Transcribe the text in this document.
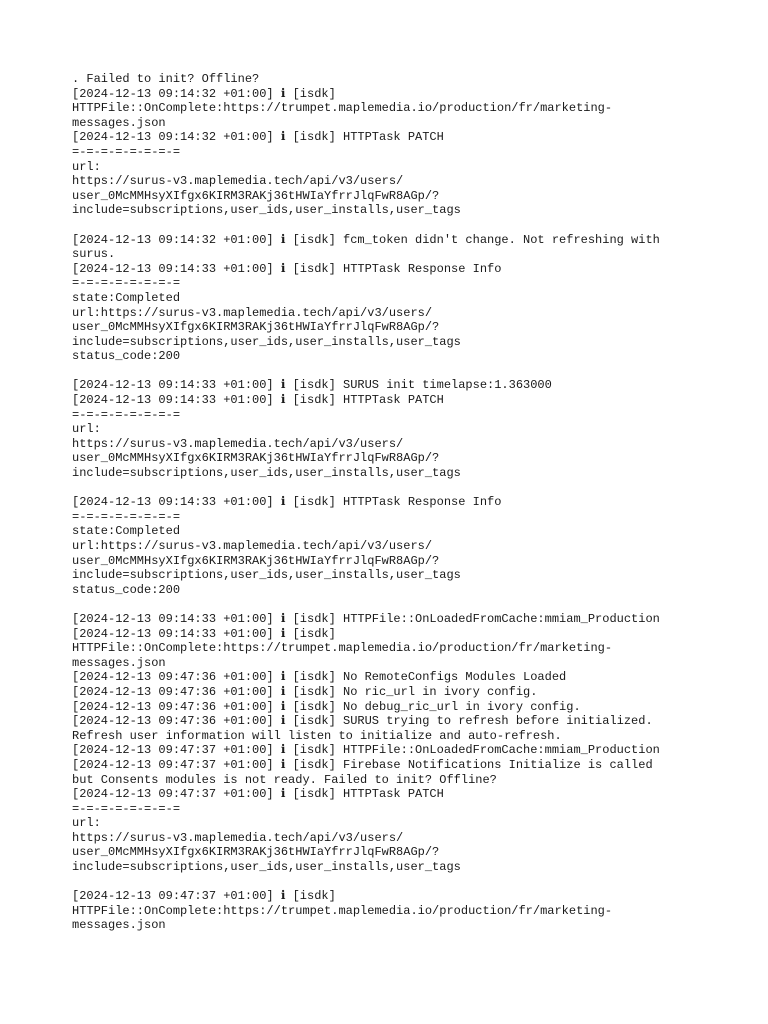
. Failed to init? Offline?
[2024-12-13 09:14:32 +01:00] ℹ [isdk]
HTTPFile::OnComplete:https://trumpet.maplemedia.io/production/fr/marketing-
messages.json
[2024-12-13 09:14:32 +01:00] ℹ [isdk] HTTPTask PATCH
=-=-=-=-=-=-=-=
url:
https://surus-v3.maplemedia.tech/api/v3/users/
user_0McMMHsyXIfgx6KIRM3RAKj36tHWIaYfrrJlqFwR8AGp/?
include=subscriptions,user_ids,user_installs,user_tags
[2024-12-13 09:14:32 +01:00] ℹ [isdk] fcm_token didn't change. Not refreshing with
surus.
[2024-12-13 09:14:33 +01:00] ℹ [isdk] HTTPTask Response Info
=-=-=-=-=-=-=-=
state:Completed
url:https://surus-v3.maplemedia.tech/api/v3/users/
user_0McMMHsyXIfgx6KIRM3RAKj36tHWIaYfrrJlqFwR8AGp/?
include=subscriptions,user_ids,user_installs,user_tags
status_code:200
[2024-12-13 09:14:33 +01:00] ℹ [isdk] SURUS init timelapse:1.363000
[2024-12-13 09:14:33 +01:00] ℹ [isdk] HTTPTask PATCH
=-=-=-=-=-=-=-=
url:
https://surus-v3.maplemedia.tech/api/v3/users/
user_0McMMHsyXIfgx6KIRM3RAKj36tHWIaYfrrJlqFwR8AGp/?
include=subscriptions,user_ids,user_installs,user_tags
[2024-12-13 09:14:33 +01:00] ℹ [isdk] HTTPTask Response Info
=-=-=-=-=-=-=-=
state:Completed
url:https://surus-v3.maplemedia.tech/api/v3/users/
user_0McMMHsyXIfgx6KIRM3RAKj36tHWIaYfrrJlqFwR8AGp/?
include=subscriptions,user_ids,user_installs,user_tags
status_code:200
[2024-12-13 09:14:33 +01:00] ℹ [isdk] HTTPFile::OnLoadedFromCache:mmiam_Production
[2024-12-13 09:14:33 +01:00] ℹ [isdk]
HTTPFile::OnComplete:https://trumpet.maplemedia.io/production/fr/marketing-
messages.json
[2024-12-13 09:47:36 +01:00] ℹ [isdk] No RemoteConfigs Modules Loaded
[2024-12-13 09:47:36 +01:00] ℹ [isdk] No ric_url in ivory config.
[2024-12-13 09:47:36 +01:00] ℹ [isdk] No debug_ric_url in ivory config.
[2024-12-13 09:47:36 +01:00] ℹ [isdk] SURUS trying to refresh before initialized.
Refresh user information will listen to initialize and auto-refresh.
[2024-12-13 09:47:37 +01:00] ℹ [isdk] HTTPFile::OnLoadedFromCache:mmiam_Production
[2024-12-13 09:47:37 +01:00] ℹ [isdk] Firebase Notifications Initialize is called
but Consents modules is not ready. Failed to init? Offline?
[2024-12-13 09:47:37 +01:00] ℹ [isdk] HTTPTask PATCH
=-=-=-=-=-=-=-=
url:
https://surus-v3.maplemedia.tech/api/v3/users/
user_0McMMHsyXIfgx6KIRM3RAKj36tHWIaYfrrJlqFwR8AGp/?
include=subscriptions,user_ids,user_installs,user_tags
[2024-12-13 09:47:37 +01:00] ℹ [isdk]
HTTPFile::OnComplete:https://trumpet.maplemedia.io/production/fr/marketing-
messages.json
